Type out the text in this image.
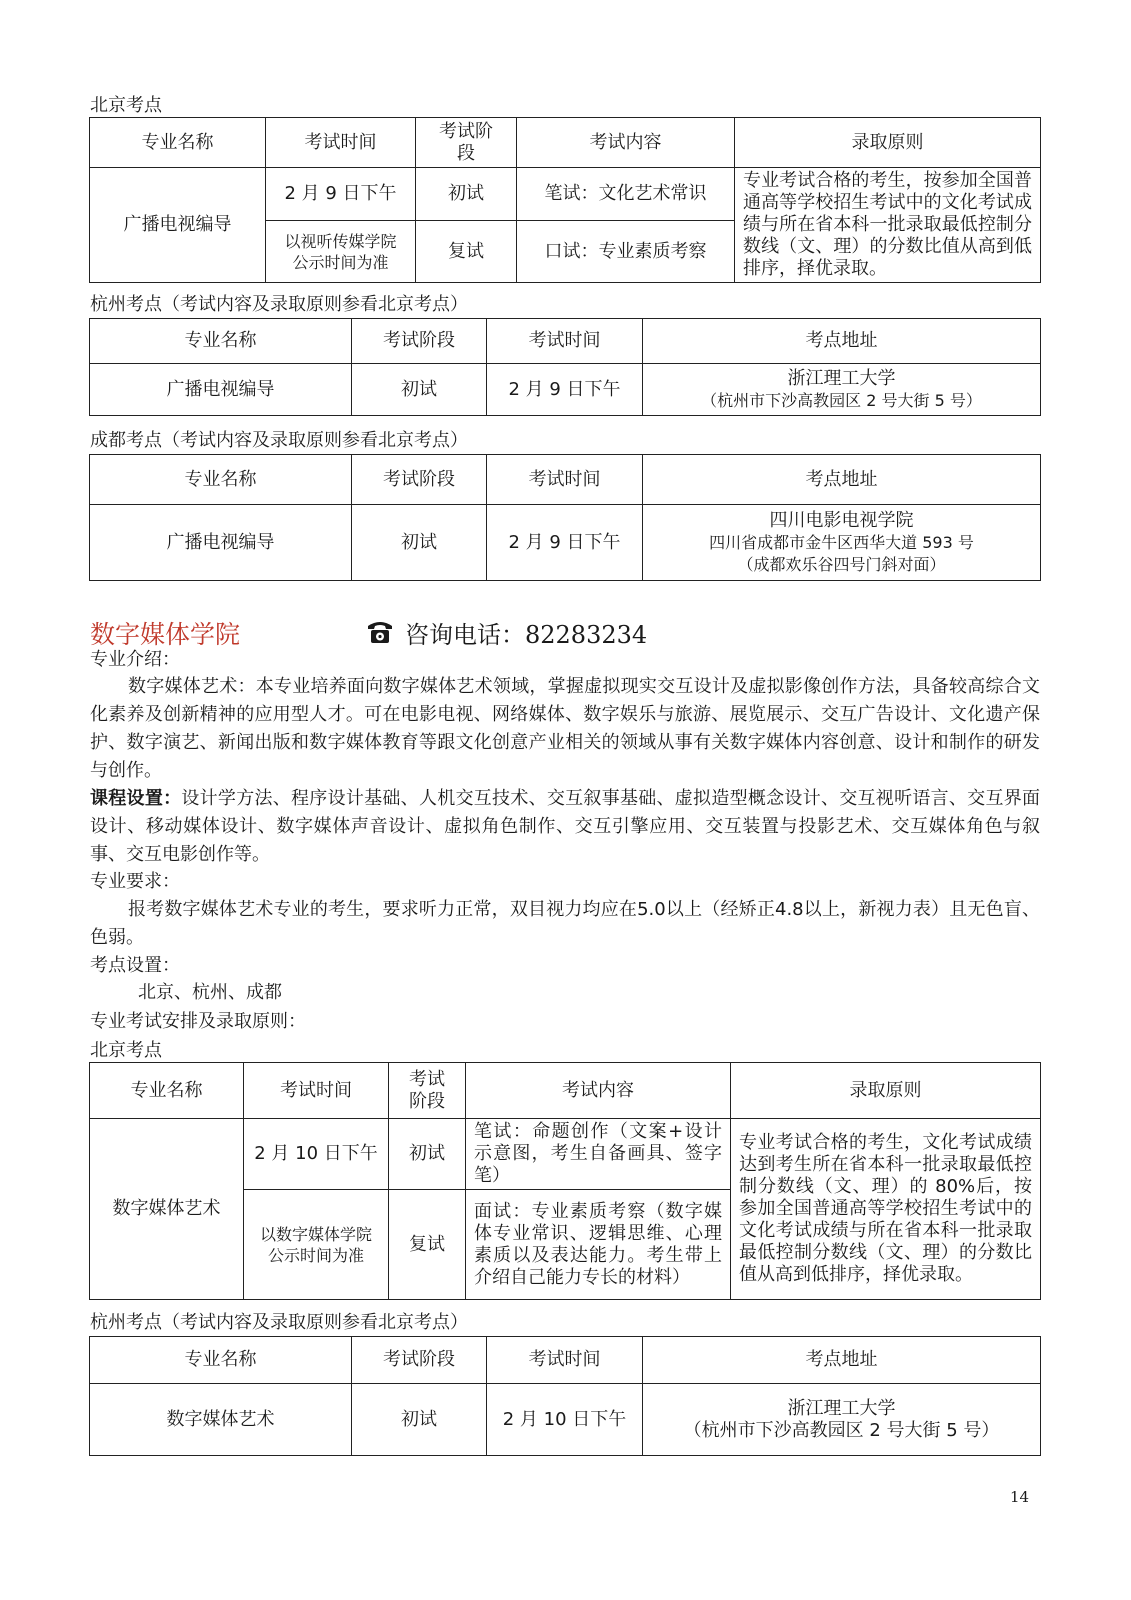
北京考点
专业名称	考试时间	考试阶段	考试内容	录取原则
广播电视编导	2 月 9 日下午	初试	笔试：文化艺术常识	专业考试合格的考生，按参加全国普通高等学校招生考试中的文化考试成绩与所在省本科一批录取最低控制分数线（文、理）的分数比值从高到低排序，择优录取。
	以视听传媒学院公示时间为准	复试	口试：专业素质考察	
杭州考点（考试内容及录取原则参看北京考点）
专业名称	考试阶段	考试时间	考点地址
广播电视编导	初试	2 月 9 日下午	浙江理工大学
（杭州市下沙高教园区 2 号大街 5 号）
成都考点（考试内容及录取原则参看北京考点）
专业名称	考试阶段	考试时间	考点地址
广播电视编导	初试	2 月 9 日下午	四川电影电视学院
四川省成都市金牛区西华大道 593 号
（成都欢乐谷四号门斜对面）
数字媒体学院	咨询电话：82283234
专业介绍：
数字媒体艺术：本专业培养面向数字媒体艺术领域，掌握虚拟现实交互设计及虚拟影像创作方法，具备较高综合文化素养及创新精神的应用型人才。可在电影电视、网络媒体、数字娱乐与旅游、展览展示、交互广告设计、文化遗产保护、数字演艺、新闻出版和数字媒体教育等跟文化创意产业相关的领域从事有关数字媒体内容创意、设计和制作的研发与创作。
课程设置：设计学方法、程序设计基础、人机交互技术、交互叙事基础、虚拟造型概念设计、交互视听语言、交互界面设计、移动媒体设计、数字媒体声音设计、虚拟角色制作、交互引擎应用、交互装置与投影艺术、交互媒体角色与叙事、交互电影创作等。
专业要求：
报考数字媒体艺术专业的考生，要求听力正常，双目视力均应在5.0以上（经矫正4.8以上，新视力表）且无色盲、色弱。
考点设置：
北京、杭州、成都
专业考试安排及录取原则：
北京考点
专业名称	考试时间	考试阶段	考试内容	录取原则
数字媒体艺术	2 月 10 日下午	初试	笔试：命题创作（文案+设计示意图，考生自备画具、签字笔）	专业考试合格的考生，文化考试成绩达到考生所在省本科一批录取最低控制分数线（文、理）的 80%后，按参加全国普通高等学校招生考试中的文化考试成绩与所在省本科一批录取最低控制分数线（文、理）的分数比值从高到低排序，择优录取。
	以数字媒体学院公示时间为准	复试	面试：专业素质考察（数字媒体专业常识、逻辑思维、心理素质以及表达能力。考生带上介绍自己能力专长的材料）	
杭州考点（考试内容及录取原则参看北京考点）
专业名称	考试阶段	考试时间	考点地址
数字媒体艺术	初试	2 月 10 日下午	浙江理工大学
（杭州市下沙高教园区 2 号大街 5 号）
14
